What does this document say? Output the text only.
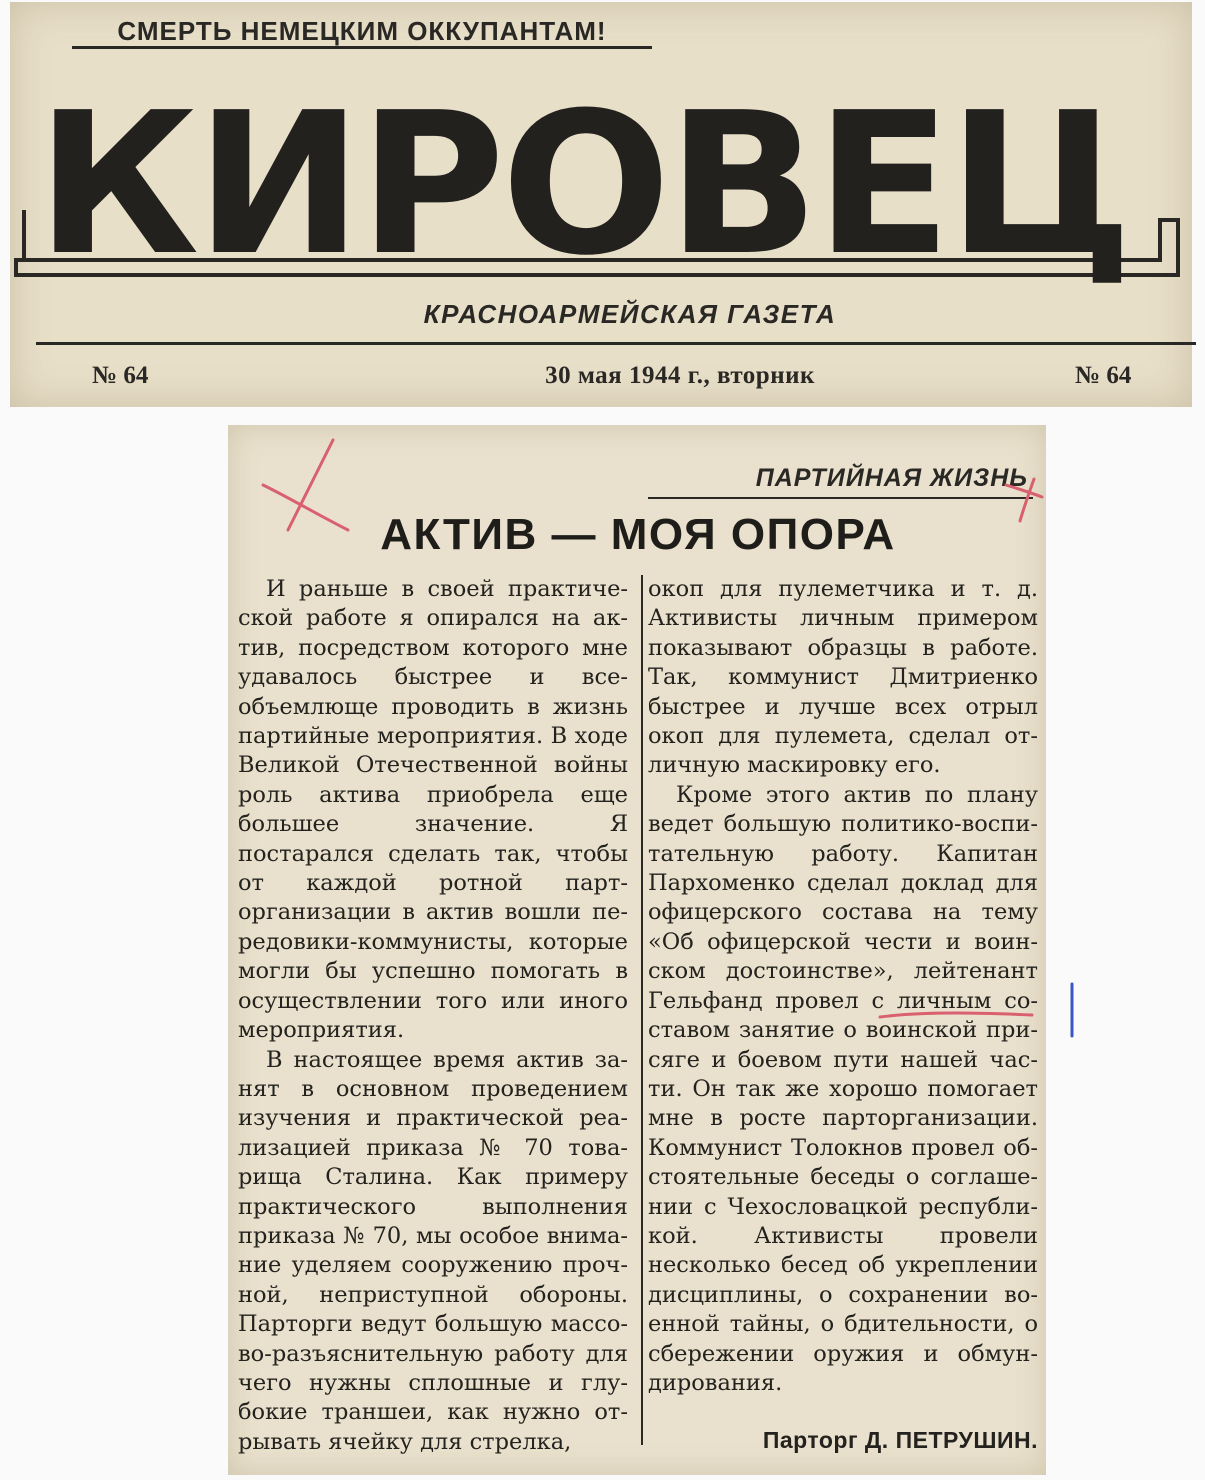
СМЕРТЬ НЕМЕЦКИМ ОККУПАНТАМ!
КИРОВЕЦ
КРАСНОАРМЕЙСКАЯ ГАЗЕТА
№ 64	30 мая 1944 г., вторник	№ 64
ПАРТИЙНАЯ ЖИЗНЬ
АКТИВ — МОЯ ОПОРА

И раньше в своей практической работе я опирался на актив, посредством которого мне удавалось быстрее и всеобъемлюще проводить в жизнь партийные мероприятия. В ходе Великой Отечественной войны роль актива приобрела еще большее значение. Я постарался сделать так, чтобы от каждой ротной парторганизации в актив вошли передовики-коммунисты, которые могли бы успешно помогать в осуществлении того или иного мероприятия.

В настоящее время актив занят в основном проведением изучения и практической реализацией приказа № 70 товарища Сталина. Как примеру практического выполнения приказа № 70, мы особое внимание уделяем сооружению прочной, неприступной обороны. Парторги ведут большую массово-разъяснительную работу для чего нужны сплошные и глубокие траншеи, как нужно отрывать ячейку для стрелка,

окоп для пулеметчика и т. д. Активисты личным примером показывают образцы в работе. Так, коммунист Дмитриенко быстрее и лучше всех отрыл окоп для пулемета, сделал отличную маскировку его.

Кроме этого актив по плану ведет большую политико-воспитательную работу. Капитан Пархоменко сделал доклад для офицерского состава на тему «Об офицерской чести и воинском достоинстве», лейтенант Гельфанд провел с личным составом занятие о воинской присяге и боевом пути нашей части. Он так же хорошо помогает мне в росте парторганизации. Коммунист Толокнов провел обстоятельные беседы о соглашении с Чехословацкой республикой. Активисты провели несколько бесед об укреплении дисциплины, о сохранении военной тайны, о бдительности, о сбережении оружия и обмундирования.

Парторг Д. ПЕТРУШИН.
